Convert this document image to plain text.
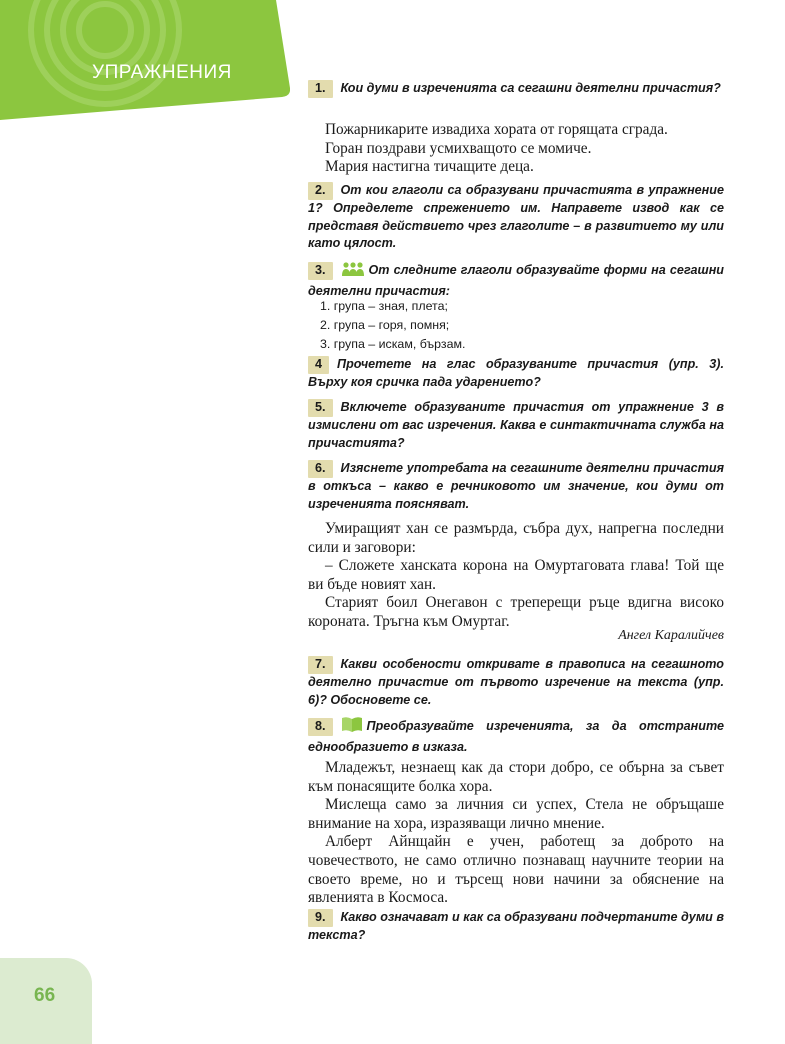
УПРАЖНЕНИЯ
1. Кои думи в изреченията са сегашни деятелни причастия?

Пожарникарите извадиха хората от горящата сграда.

Горан поздрави усмихващото се момиче.

Мария настигна тичащите деца.

2. От кои глаголи са образувани причастията в упражнение 1? Определете спрежението им. Направете извод как се представя действието чрез глаголите – в развитието му или като цялост.
3.	От следните глаголи образувайте форми на сегашни деятелни причастия:
1. група – зная, плета;
2. група – горя, помня;
3. група – искам, бързам.
4 Прочетете на глас образуваните причастия (упр. 3). Върху коя сричка пада ударението?
5. Включете образуваните причастия от упражнение 3 в измислени от вас изречения. Каква е синтактичната служба на причастията?
6. Изяснете употребата на сегашните деятелни причастия в откъса – какво е речниковото им значение, кои думи от изреченията поясняват.

Умиращият хан се размърда, събра дух, напрегна последни сили и заговори:

– Сложете ханската корона на Омуртаговата глава! Той ще ви бъде новият хан.

Старият боил Онегавон с треперещи ръце вдигна високо короната. Тръгна към Омуртаг.

Ангел Каралийчев
7. Какви особености откривате в правописа на сегашното деятелно причастие от първото изречение на текста (упр. 6)? Обосновете се.
8.	Преобразувайте изреченията, за да отстраните еднообразието в изказа.

Младежът, незнаещ как да стори добро, се обърна за съвет към понасящите болка хора.

Мислеща само за личния си успех, Стела не обръщаше внимание на хора, изразяващи лично мнение.

Алберт Айнщайн е учен, работещ за доброто на човечеството, не само отлично познаващ научните теории на своето време, но и търсещ нови начини за обяснение на явленията в Космоса.

9. Какво означават и как са образувани подчертаните думи в текста?
66
